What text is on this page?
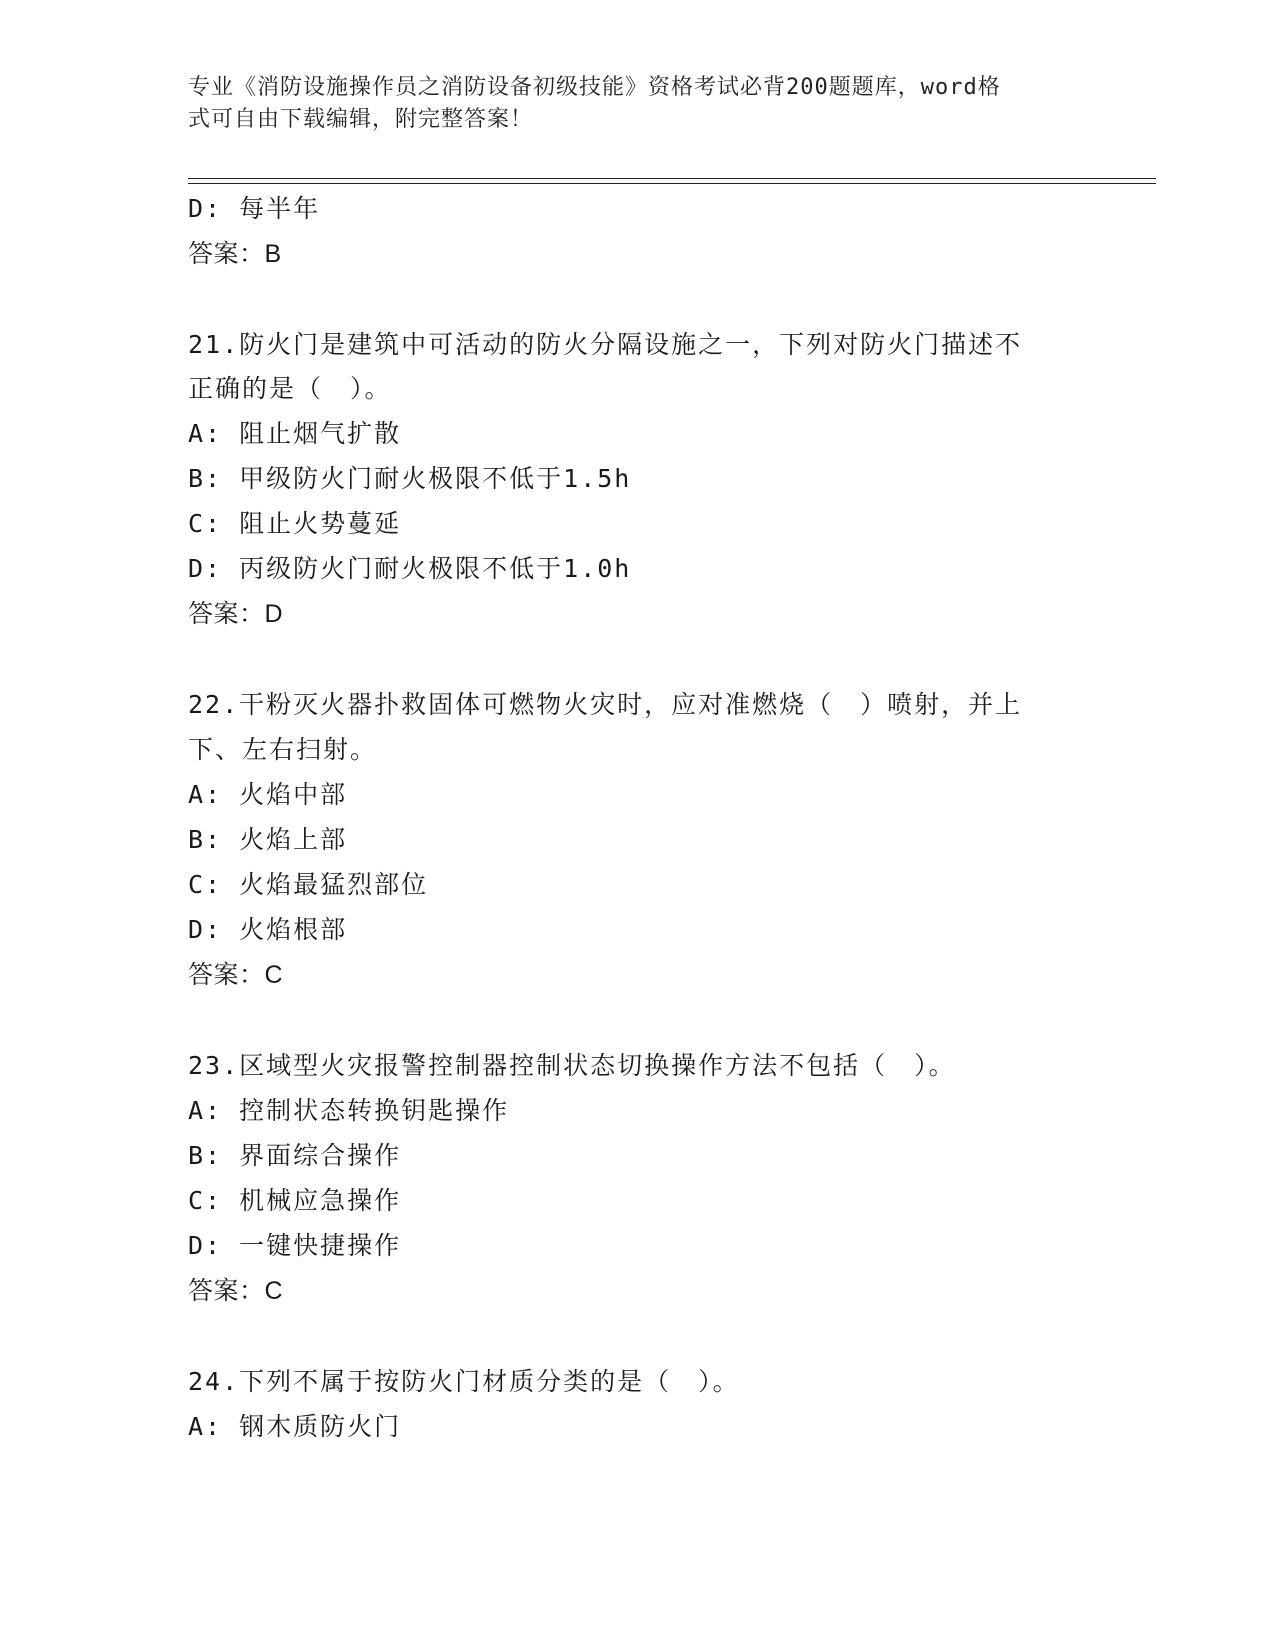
专业《消防设施操作员之消防设备初级技能》资格考试必背200题题库，word格
式可自由下载编辑，附完整答案！
D: 每半年
答案：B
21.防火门是建筑中可活动的防火分隔设施之一，下列对防火门描述不
正确的是（　）。
A: 阻止烟气扩散
B: 甲级防火门耐火极限不低于1.5h
C: 阻止火势蔓延
D: 丙级防火门耐火极限不低于1.0h
答案：D
22.干粉灭火器扑救固体可燃物火灾时，应对准燃烧（　）喷射，并上
下、左右扫射。
A: 火焰中部
B: 火焰上部
C: 火焰最猛烈部位
D: 火焰根部
答案：C
23.区域型火灾报警控制器控制状态切换操作方法不包括（　）。
A: 控制状态转换钥匙操作
B: 界面综合操作
C: 机械应急操作
D: 一键快捷操作
答案：C
24.下列不属于按防火门材质分类的是（　）。
A: 钢木质防火门
